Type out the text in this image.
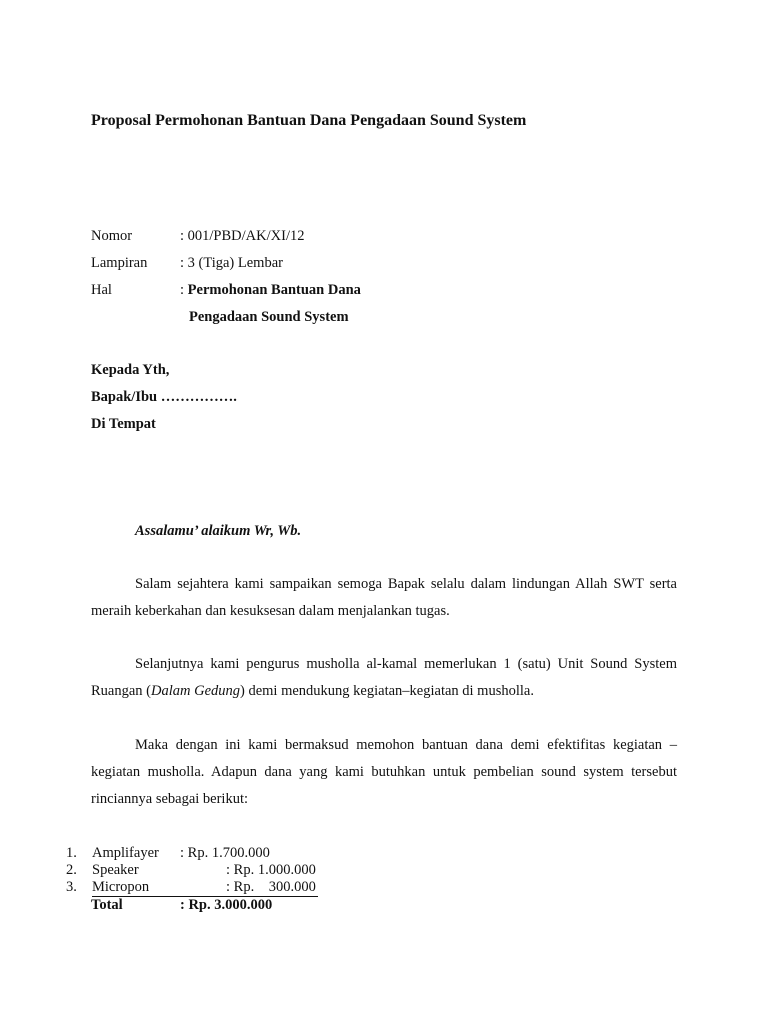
Proposal Permohonan Bantuan Dana Pengadaan Sound System
Nomor	: 001/PBD/AK/XI/12
Lampiran : 3 (Tiga) Lembar
Hal	: Permohonan Bantuan Dana
Pengadaan Sound System
Kepada Yth,
Bapak/Ibu …………….
Di Tempat
Assalamu’ alaikum Wr, Wb.
Salam sejahtera kami sampaikan semoga Bapak selalu dalam lindungan Allah SWT serta meraih keberkahan dan kesuksesan dalam menjalankan tugas.
Selanjutnya kami pengurus musholla al-kamal memerlukan 1 (satu) Unit Sound System Ruangan (Dalam Gedung) demi mendukung kegiatan–kegiatan di musholla.
Maka dengan ini kami bermaksud memohon bantuan dana demi efektifitas kegiatan – kegiatan musholla. Adapun dana yang kami butuhkan untuk pembelian sound system tersebut rinciannya sebagai berikut:
1. Amplifayer : Rp. 1.700.000
2. Speaker	: Rp. 1.000.000
3. Micropon	: Rp.    300.000
Total	: Rp. 3.000.000
